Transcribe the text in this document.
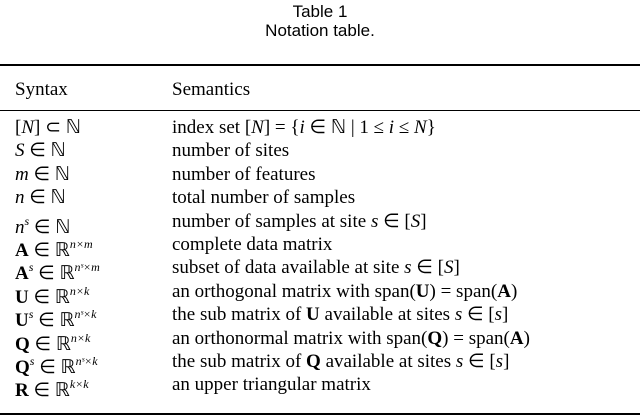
Table 1
Notation table.
Syntax	Semantics
[N] ⊂ ℕ	index set [N] = {i ∈ ℕ | 1 ≤ i ≤ N}
S ∈ ℕ	number of sites
m ∈ ℕ	number of features
n ∈ ℕ	total number of samples
$n^s$ ∈ ℕ	number of samples at site s ∈ [S]
A ∈ ℝ$^{n\times m}$	complete data matrix
$A^s$ ∈ ℝ$^{nˢ\times m}$	subset of data available at site s ∈ [S]
U ∈ ℝ$^{n\times k}$	an orthogonal matrix with span(U) = span(A)
$U^s$ ∈ ℝ$^{nˢ\times k}$	the sub matrix of U available at sites s ∈ [s]
Q ∈ ℝ$^{n\times k}$	an orthonormal matrix with span(Q) = span(A)
$Q^s$ ∈ ℝ$^{nˢ\times k}$	the sub matrix of Q available at sites s ∈ [s]
R ∈ ℝ$^{k\times k}$	an upper triangular matrix
